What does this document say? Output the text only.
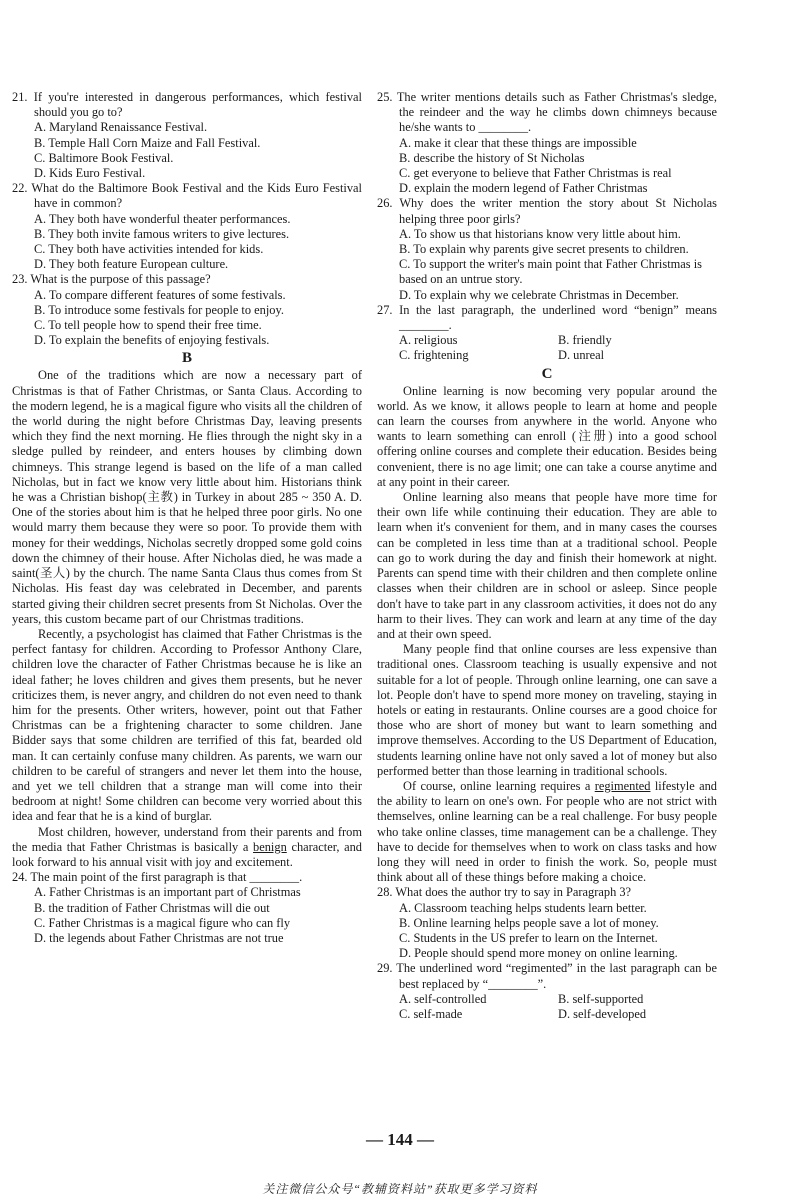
21. If you're interested in dangerous performances, which festival should you go to?
A. Maryland Renaissance Festival.
B. Temple Hall Corn Maize and Fall Festival.
C. Baltimore Book Festival.
D. Kids Euro Festival.
22. What do the Baltimore Book Festival and the Kids Euro Festival have in common?
A. They both have wonderful theater performances.
B. They both invite famous writers to give lectures.
C. They both have activities intended for kids.
D. They both feature European culture.
23. What is the purpose of this passage?
A. To compare different features of some festivals.
B. To introduce some festivals for people to enjoy.
C. To tell people how to spend their free time.
D. To explain the benefits of enjoying festivals.
B

One of the traditions which are now a necessary part of Christmas is that of Father Christmas, or Santa Claus. According to the modern legend, he is a magical figure who visits all the children of the world during the night before Christmas Day, leaving presents which they find the next morning. He flies through the night sky in a sledge pulled by reindeer, and enters houses by climbing down chimneys. This strange legend is based on the life of a man called Nicholas, but in fact we know very little about him. Historians think he was a Christian bishop(主教) in Turkey in about 285 ~ 350 A. D. One of the stories about him is that he helped three poor girls. No one would marry them because they were so poor. To provide them with money for their weddings, Nicholas secretly dropped some gold coins down the chimney of their house. After Nicholas died, he was made a saint(圣人) by the church. The name Santa Claus thus comes from St Nicholas. His feast day was celebrated in December, and parents started giving their children secret presents from St Nicholas. Over the years, this custom became part of our Christmas traditions.

Recently, a psychologist has claimed that Father Christmas is the perfect fantasy for children. According to Professor Anthony Clare, children love the character of Father Christmas because he is like an ideal father; he loves children and gives them presents, but he never criticizes them, is never angry, and children do not even need to thank him for the presents. Other writers, however, point out that Father Christmas can be a frightening character to some children. Jane Bidder says that some children are terrified of this fat, bearded old man. It can certainly confuse many children. As parents, we warn our children to be careful of strangers and never let them into the house, and yet we tell children that a strange man will come into their bedroom at night! Some children can become very worried about this idea and fear that he is a kind of burglar.

Most children, however, understand from their parents and from the media that Father Christmas is basically a benign character, and look forward to his annual visit with joy and excitement.

24. The main point of the first paragraph is that ________.
A. Father Christmas is an important part of Christmas
B. the tradition of Father Christmas will die out
C. Father Christmas is a magical figure who can fly
D. the legends about Father Christmas are not true
25. The writer mentions details such as Father Christmas's sledge, the reindeer and the way he climbs down chimneys because he/she wants to ________.
A. make it clear that these things are impossible
B. describe the history of St Nicholas
C. get everyone to believe that Father Christmas is real
D. explain the modern legend of Father Christmas
26. Why does the writer mention the story about St Nicholas helping three poor girls?
A. To show us that historians know very little about him.
B. To explain why parents give secret presents to children.
C. To support the writer's main point that Father Christmas is based on an untrue story.
D. To explain why we celebrate Christmas in December.
27. In the last paragraph, the underlined word “benign” means ________.
A. religious	B. friendly
C. frightening	D. unreal
C

Online learning is now becoming very popular around the world. As we know, it allows people to learn at home and people can learn the courses from anywhere in the world. Anyone who wants to learn something can enroll (注册) into a good school offering online courses and complete their education. Besides being convenient, there is no age limit; one can take a course anytime and at any point in their career.

Online learning also means that people have more time for their own life while continuing their education. They are able to learn when it's convenient for them, and in many cases the courses can be completed in less time than at a traditional school. People can go to work during the day and finish their homework at night. Parents can spend time with their children and then complete online classes when their children are in school or asleep. Since people don't have to take part in any classroom activities, it does not do any harm to their lives. They can work and learn at any time of the day and at their own speed.

Many people find that online courses are less expensive than traditional ones. Classroom teaching is usually expensive and not suitable for a lot of people. Through online learning, one can save a lot. People don't have to spend more money on traveling, staying in hotels or eating in restaurants. Online courses are a good choice for those who are short of money but want to learn something and improve themselves. According to the US Department of Education, students learning online have not only saved a lot of money but also performed better than those learning in traditional schools.

Of course, online learning requires a regimented lifestyle and the ability to learn on one's own. For people who are not strict with themselves, online learning can be a real challenge. For busy people who take online classes, time management can be a challenge. They have to decide for themselves when to work on class tasks and how long they will need in order to finish the work. So, people must think about all of these things before making a choice.

28. What does the author try to say in Paragraph 3?
A. Classroom teaching helps students learn better.
B. Online learning helps people save a lot of money.
C. Students in the US prefer to learn on the Internet.
D. People should spend more money on online learning.
29. The underlined word “regimented” in the last paragraph can be best replaced by “________”.
A. self-controlled	B. self-supported
C. self-made	D. self-developed
— 144 —
关注微信公众号“教辅资料站”获取更多学习资料
